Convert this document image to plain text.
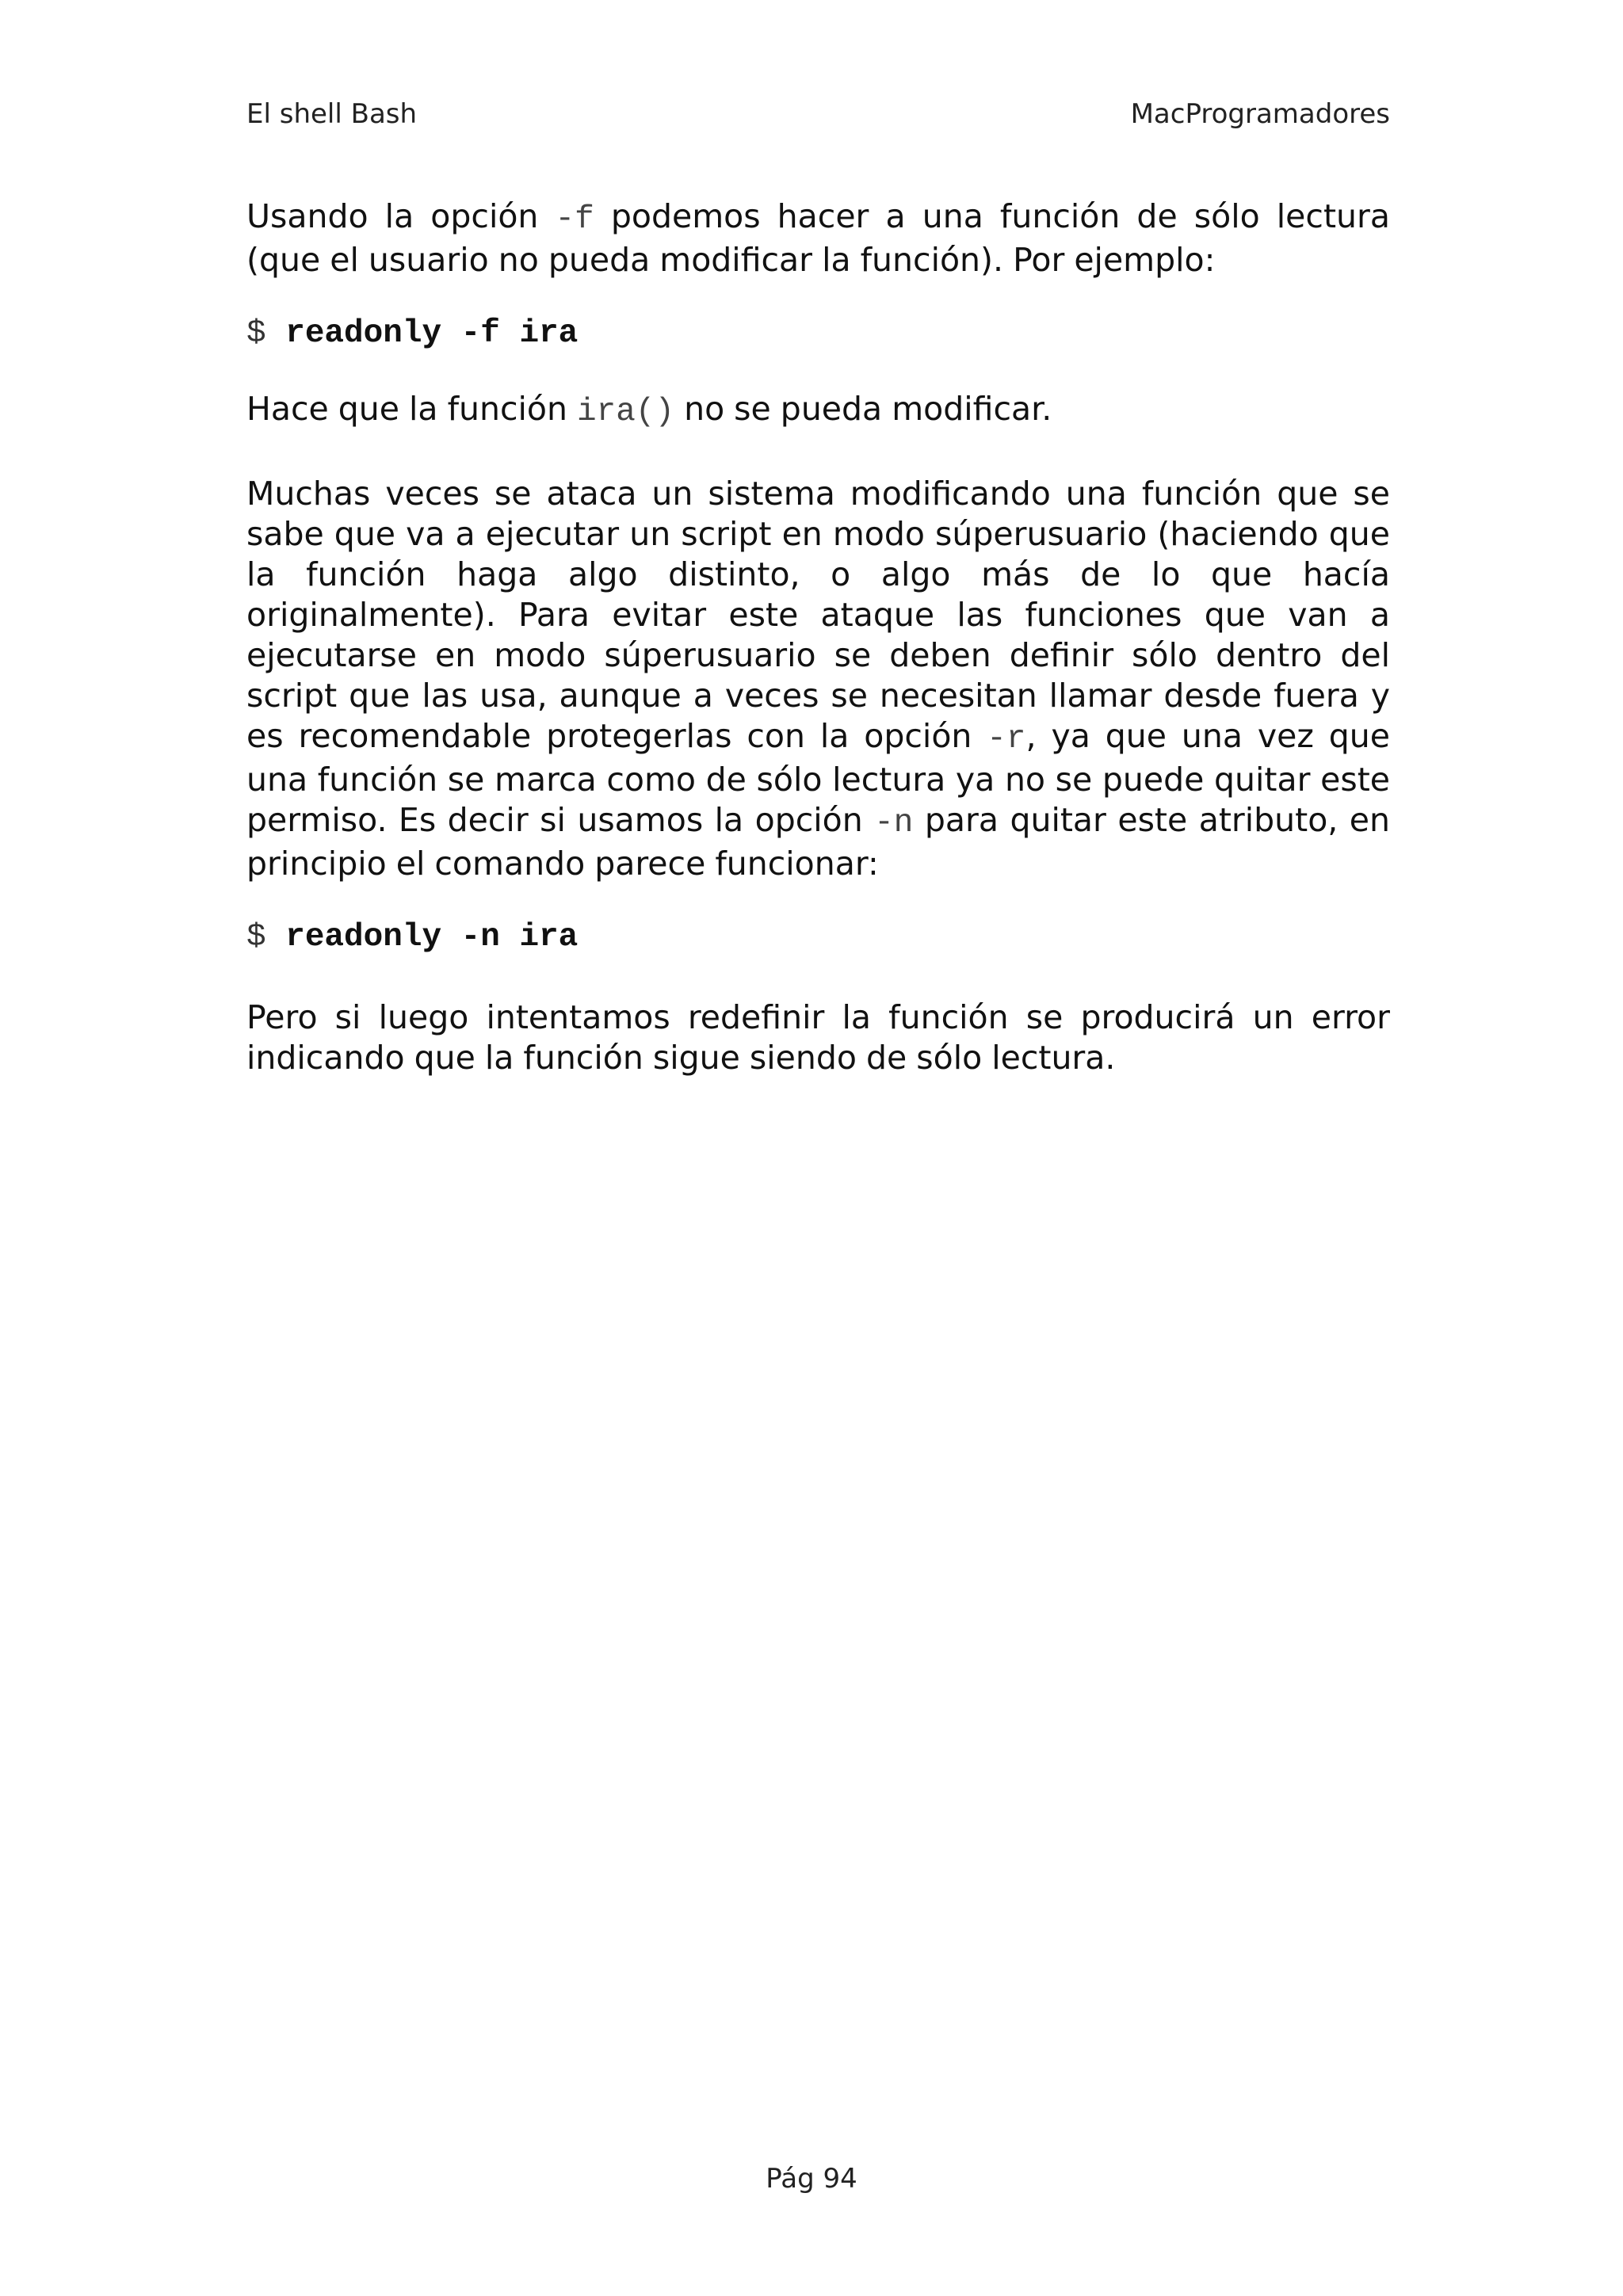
El shell Bash	MacProgramadores

Usando la opción -f podemos hacer a una función de sólo lectura (que el usuario no pueda modificar la función). Por ejemplo:

$ readonly -f ira

Hace que la función ira() no se pueda modificar.

Muchas veces se ataca un sistema modificando una función que se sabe que va a ejecutar un script en modo súperusuario (haciendo que la función haga algo distinto, o algo más de lo que hacía originalmente). Para evitar este ataque las funciones que van a ejecutarse en modo súperusuario se deben definir sólo dentro del script que las usa, aunque a veces se necesitan llamar desde fuera y es recomendable protegerlas con la opción -r, ya que una vez que una función se marca como de sólo lectura ya no se puede quitar este permiso. Es decir si usamos la opción -n para quitar este atributo, en principio el comando parece funcionar:

$ readonly -n ira

Pero si luego intentamos redefinir la función se producirá un error indicando que la función sigue siendo de sólo lectura.

Pág 94
